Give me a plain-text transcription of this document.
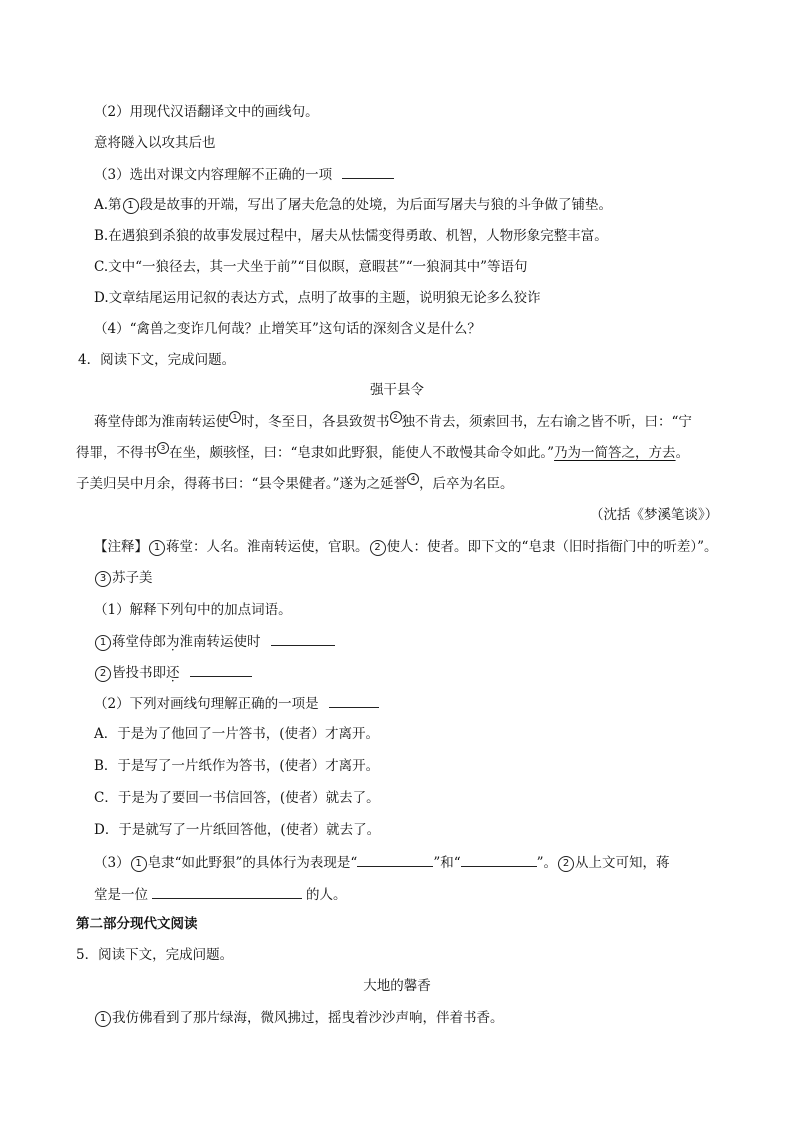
（2）用现代汉语翻译文中的画线句。
意将隧入以攻其后也
（3）选出对课文内容理解不正确的一项
A.第 1 段是故事的开端，写出了屠夫危急的处境，为后面写屠夫与狼的斗争做了铺垫。
B.在遇狼到杀狼的故事发展过程中，屠夫从怯懦变得勇敢、机智，人物形象完整丰富。
C.文中“一狼径去，其一犬坐于前”“目似瞑，意暇甚”“一狼洞其中”等语句
D.文章结尾运用记叙的表达方式，点明了故事的主题，说明狼无论多么狡诈
（4）“禽兽之变诈几何哉？止增笑耳”这句话的深刻含义是什么？
4．阅读下文，完成问题。
强干县令
蒋堂侍郎为淮南转运使 1 时，冬至日，各县致贺书 2 独不肯去，须索回书，左右谕之皆不听，曰：“宁
得罪，不得书 3 在坐，颇骇怪，曰：“皂隶如此野狠，能使人不敢慢其命令如此。”乃为一简答之，方去。
子美归吴中月余，得蒋书曰：“县令果健者。”遂为之延誉 4 ，后卒为名臣。
（沈括《梦溪笔谈》）
【注释】 1 蒋堂：人名。淮南转运使，官职。 2 使人：使者。即下文的“皂隶（旧时指衙门中的听差）”。
3 苏子美
（1）解释下列句中的加点词语。
1 蒋堂侍郎为淮南转运使时
2 皆投书即还
（2）下列对画线句理解正确的一项是
A．于是为了他回了一片答书，(使者）才离开。
B．于是写了一片纸作为答书，(使者）才离开。
C．于是为了要回一书信回答，(使者）就去了。
D．于是就写了一片纸回答他，(使者）就去了。
（3） 1 皂隶“如此野狠”的具体行为表现是“	”和“	”。 2 从上文可知，蒋
堂是一位	的人。
第二部分现代文阅读
5．阅读下文，完成问题。
大地的馨香
1 我仿佛看到了那片绿海，微风拂过，摇曳着沙沙声响，伴着书香。
